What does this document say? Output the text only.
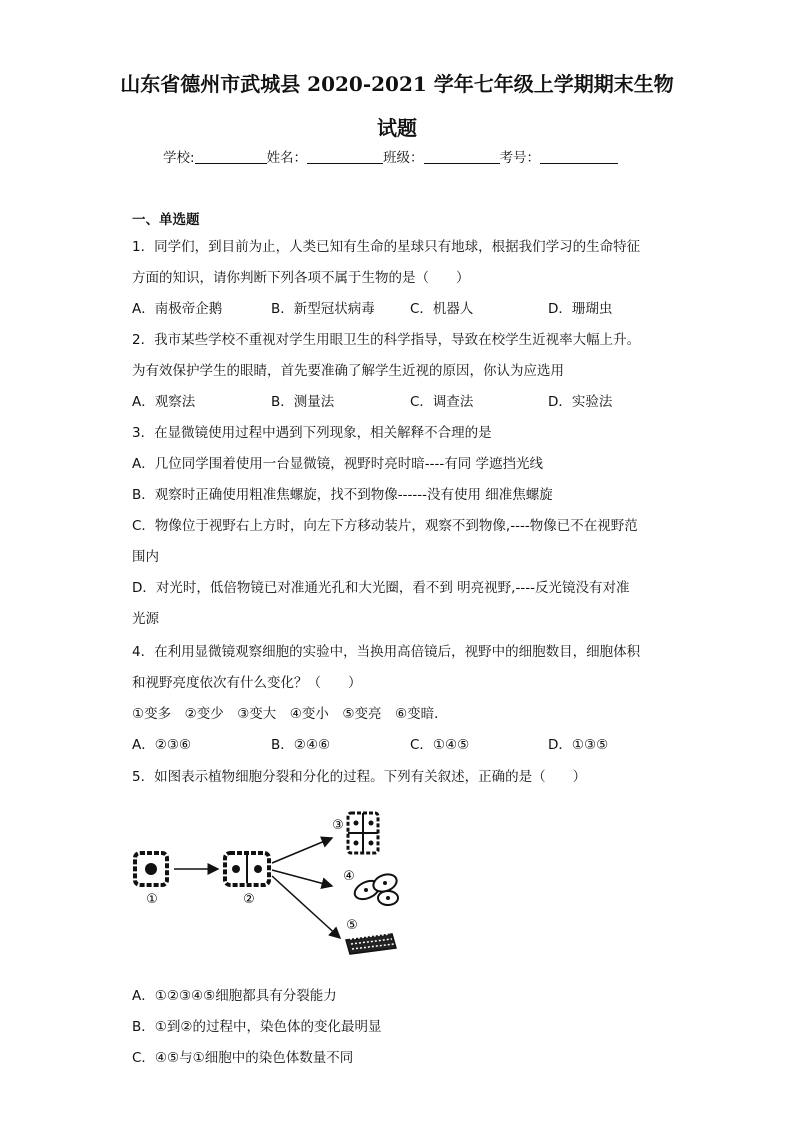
山东省德州市武城县 2020-2021 学年七年级上学期期末生物
试题
学校:	姓名：	班级：	考号：
一、单选题
1．同学们，到目前为止，人类已知有生命的星球只有地球，根据我们学习的生命特征
方面的知识，请你判断下列各项不属于生物的是（　　）
A．南极帝企鹅	B．新型冠状病毒	C．机器人	D．珊瑚虫
2．我市某些学校不重视对学生用眼卫生的科学指导，导致在校学生近视率大幅上升。
为有效保护学生的眼睛，首先要准确了解学生近视的原因，你认为应选用
A．观察法	B．测量法	C．调查法	D．实验法
3．在显微镜使用过程中遇到下列现象，相关解释不合理的是
A．几位同学围着使用一台显微镜，视野时亮时暗----有同 学遮挡光线
B．观察时正确使用粗准焦螺旋，找不到物像------没有使用 细准焦螺旋
C．物像位于视野右上方时，向左下方移动装片，观察不到物像,----物像已不在视野范
围内
D．对光时，低倍物镜已对准通光孔和大光圈，看不到 明亮视野,----反光镜没有对准
光源
4．在利用显微镜观察细胞的实验中，当换用高倍镜后，视野中的细胞数目，细胞体积
和视野亮度依次有什么变化？（　　）
①变多　②变少　③变大　④变小　⑤变亮　⑥变暗．
A．②③⑥	B．②④⑥	C．①④⑤	D．①③⑤
5．如图表示植物细胞分裂和分化的过程。下列有关叙述，正确的是（　　）
①	②
③
④
⑤
A．①②③④⑤细胞都具有分裂能力
B．①到②的过程中，染色体的变化最明显
C．④⑤与①细胞中的染色体数量不同
